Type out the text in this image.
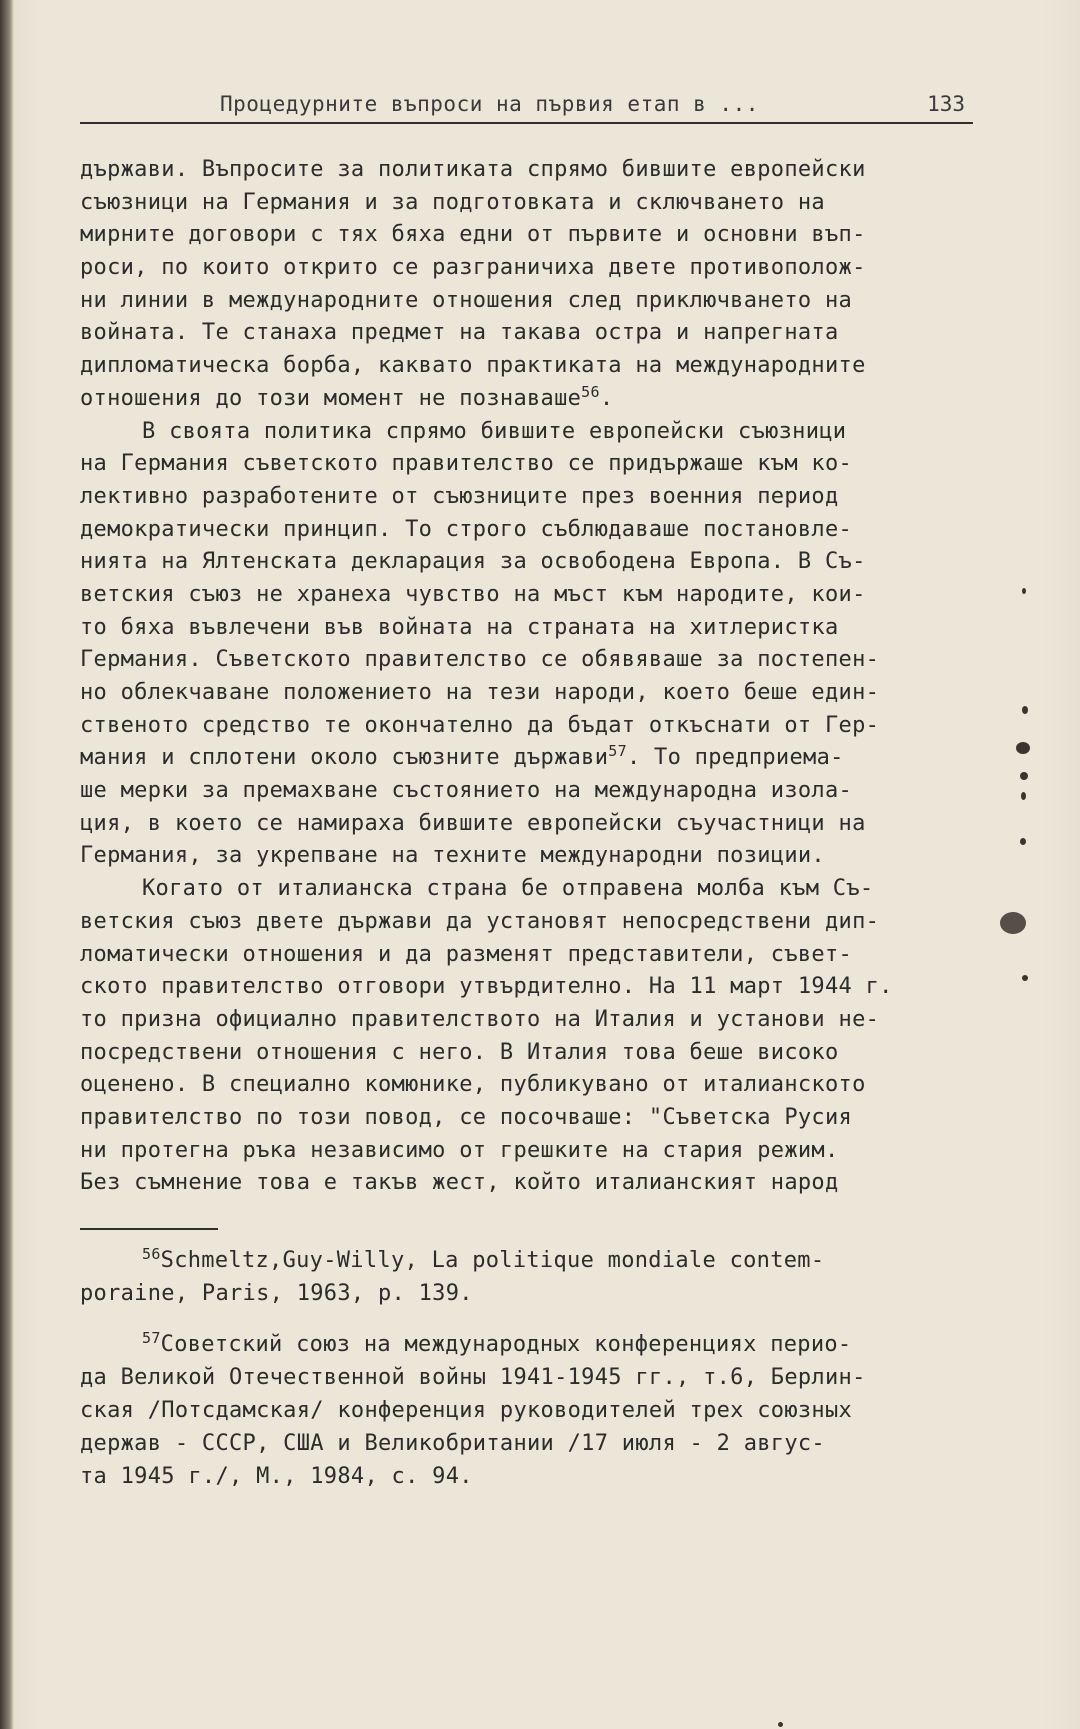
Процедурните въпроси на първия етап в ...	133
държави. Въпросите за политиката спрямо бившите европейски
съюзници на Германия и за подготовката и сключването на
мирните договори с тях бяха едни от първите и основни въп-
роси, по които открито се разграничиха двете противополож-
ни линии в международните отношения след приключването на
войната. Те станаха предмет на такава остра и напрегната
дипломатическа борба, каквато практиката на международните
отношения до този момент не познаваше$^{56}$.
В своята политика спрямо бившите европейски съюзници
на Германия съветското правителство се придържаше към ко-
лективно разработените от съюзниците през военния период
демократически принцип. То строго съблюдаваше постановле-
нията на Ялтенската декларация за освободена Европа. В Съ-
ветския съюз не хранеха чувство на мъст към народите, кои-
то бяха въвлечени във войната на страната на хитлеристка
Германия. Съветското правителство се обявяваше за постепен-
но облекчаване положението на тези народи, което беше един-
ственото средство те окончателно да бъдат откъснати от Гер-
мания и сплотени около съюзните държави$^{57}$. То предприема-
ше мерки за премахване състоянието на международна изола-
ция, в което се намираха бившите европейски съучастници на
Германия, за укрепване на техните международни позиции.
Когато от италианска страна бе отправена молба към Съ-
ветския съюз двете държави да установят непосредствени дип-
ломатически отношения и да разменят представители, съвет-
ското правителство отговори утвърдително. На 11 март 1944 г.
то призна официално правителството на Италия и установи не-
посредствени отношения с него. В Италия това беше високо
оценено. В специално комюнике, публикувано от италианското
правителство по този повод, се посочваше: "Съветска Русия
ни протегна ръка независимо от грешките на стария режим.
Без съмнение това е такъв жест, който италианският народ
$^{56}$Schmeltz,Guy-Willy, La politique mondiale contem-
poraine, Paris, 1963, p. 139.
$^{57}$Советский союз на международных конференциях перио-
да Великой Отечественной войны 1941-1945 гг., т.6, Берлин-
ская /Потсдамская/ конференция руководителей трех союзных
держав - СССР, США и Великобритании /17 июля - 2 авгус-
та 1945 г./, М., 1984, с. 94.
